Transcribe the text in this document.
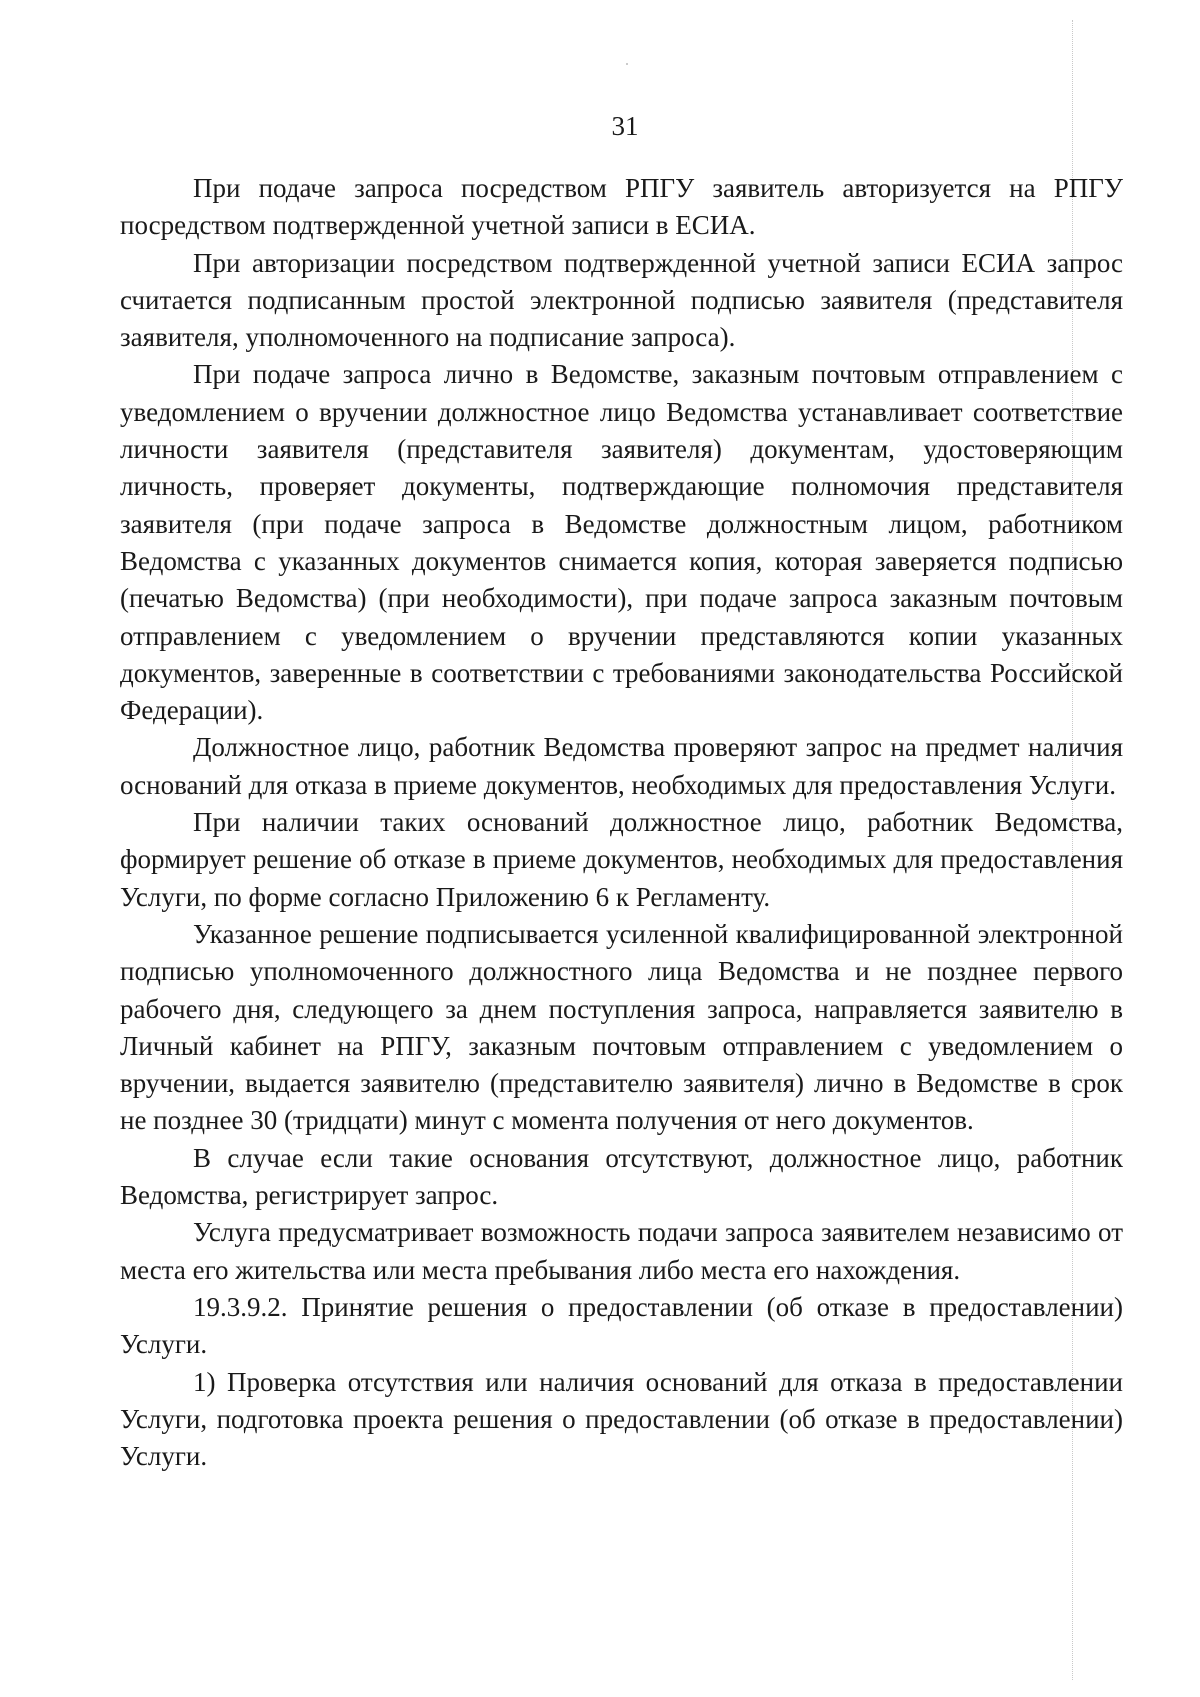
31

При подаче запроса посредством РПГУ заявитель авторизуется на РПГУ посредством подтвержденной учетной записи в ЕСИА.

При авторизации посредством подтвержденной учетной записи ЕСИА запрос считается подписанным простой электронной подписью заявителя (представителя заявителя, уполномоченного на подписание запроса).

При подаче запроса лично в Ведомстве, заказным почтовым отправлением с уведомлением о вручении должностное лицо Ведомства устанавливает соответствие личности заявителя (представителя заявителя) документам, удостоверяющим личность, проверяет документы, подтверждающие полномочия представителя заявителя (при подаче запроса в Ведомстве должностным лицом, работником Ведомства с указанных документов снимается копия, которая заверяется подписью (печатью Ведомства) (при необходимости), при подаче запроса заказным почтовым отправлением с уведомлением о вручении представляются копии указанных документов, заверенные в соответствии с требованиями законодательства Российской Федерации).

Должностное лицо, работник Ведомства проверяют запрос на предмет наличия оснований для отказа в приеме документов, необходимых для предоставления Услуги.

При наличии таких оснований должностное лицо, работник Ведомства, формирует решение об отказе в приеме документов, необходимых для предоставления Услуги, по форме согласно Приложению 6 к Регламенту.

Указанное решение подписывается усиленной квалифицированной электронной подписью уполномоченного должностного лица Ведомства и не позднее первого рабочего дня, следующего за днем поступления запроса, направляется заявителю в Личный кабинет на РПГУ, заказным почтовым отправлением с уведомлением о вручении, выдается заявителю (представителю заявителя) лично в Ведомстве в срок не позднее 30 (тридцати) минут с момента получения от него документов.

В случае если такие основания отсутствуют, должностное лицо, работник Ведомства, регистрирует запрос.

Услуга предусматривает возможность подачи запроса заявителем независимо от места его жительства или места пребывания либо места его нахождения.

19.3.9.2. Принятие решения о предоставлении (об отказе в предоставлении) Услуги.

1) Проверка отсутствия или наличия оснований для отказа в предоставлении Услуги, подготовка проекта решения о предоставлении (об отказе в предоставлении) Услуги.
